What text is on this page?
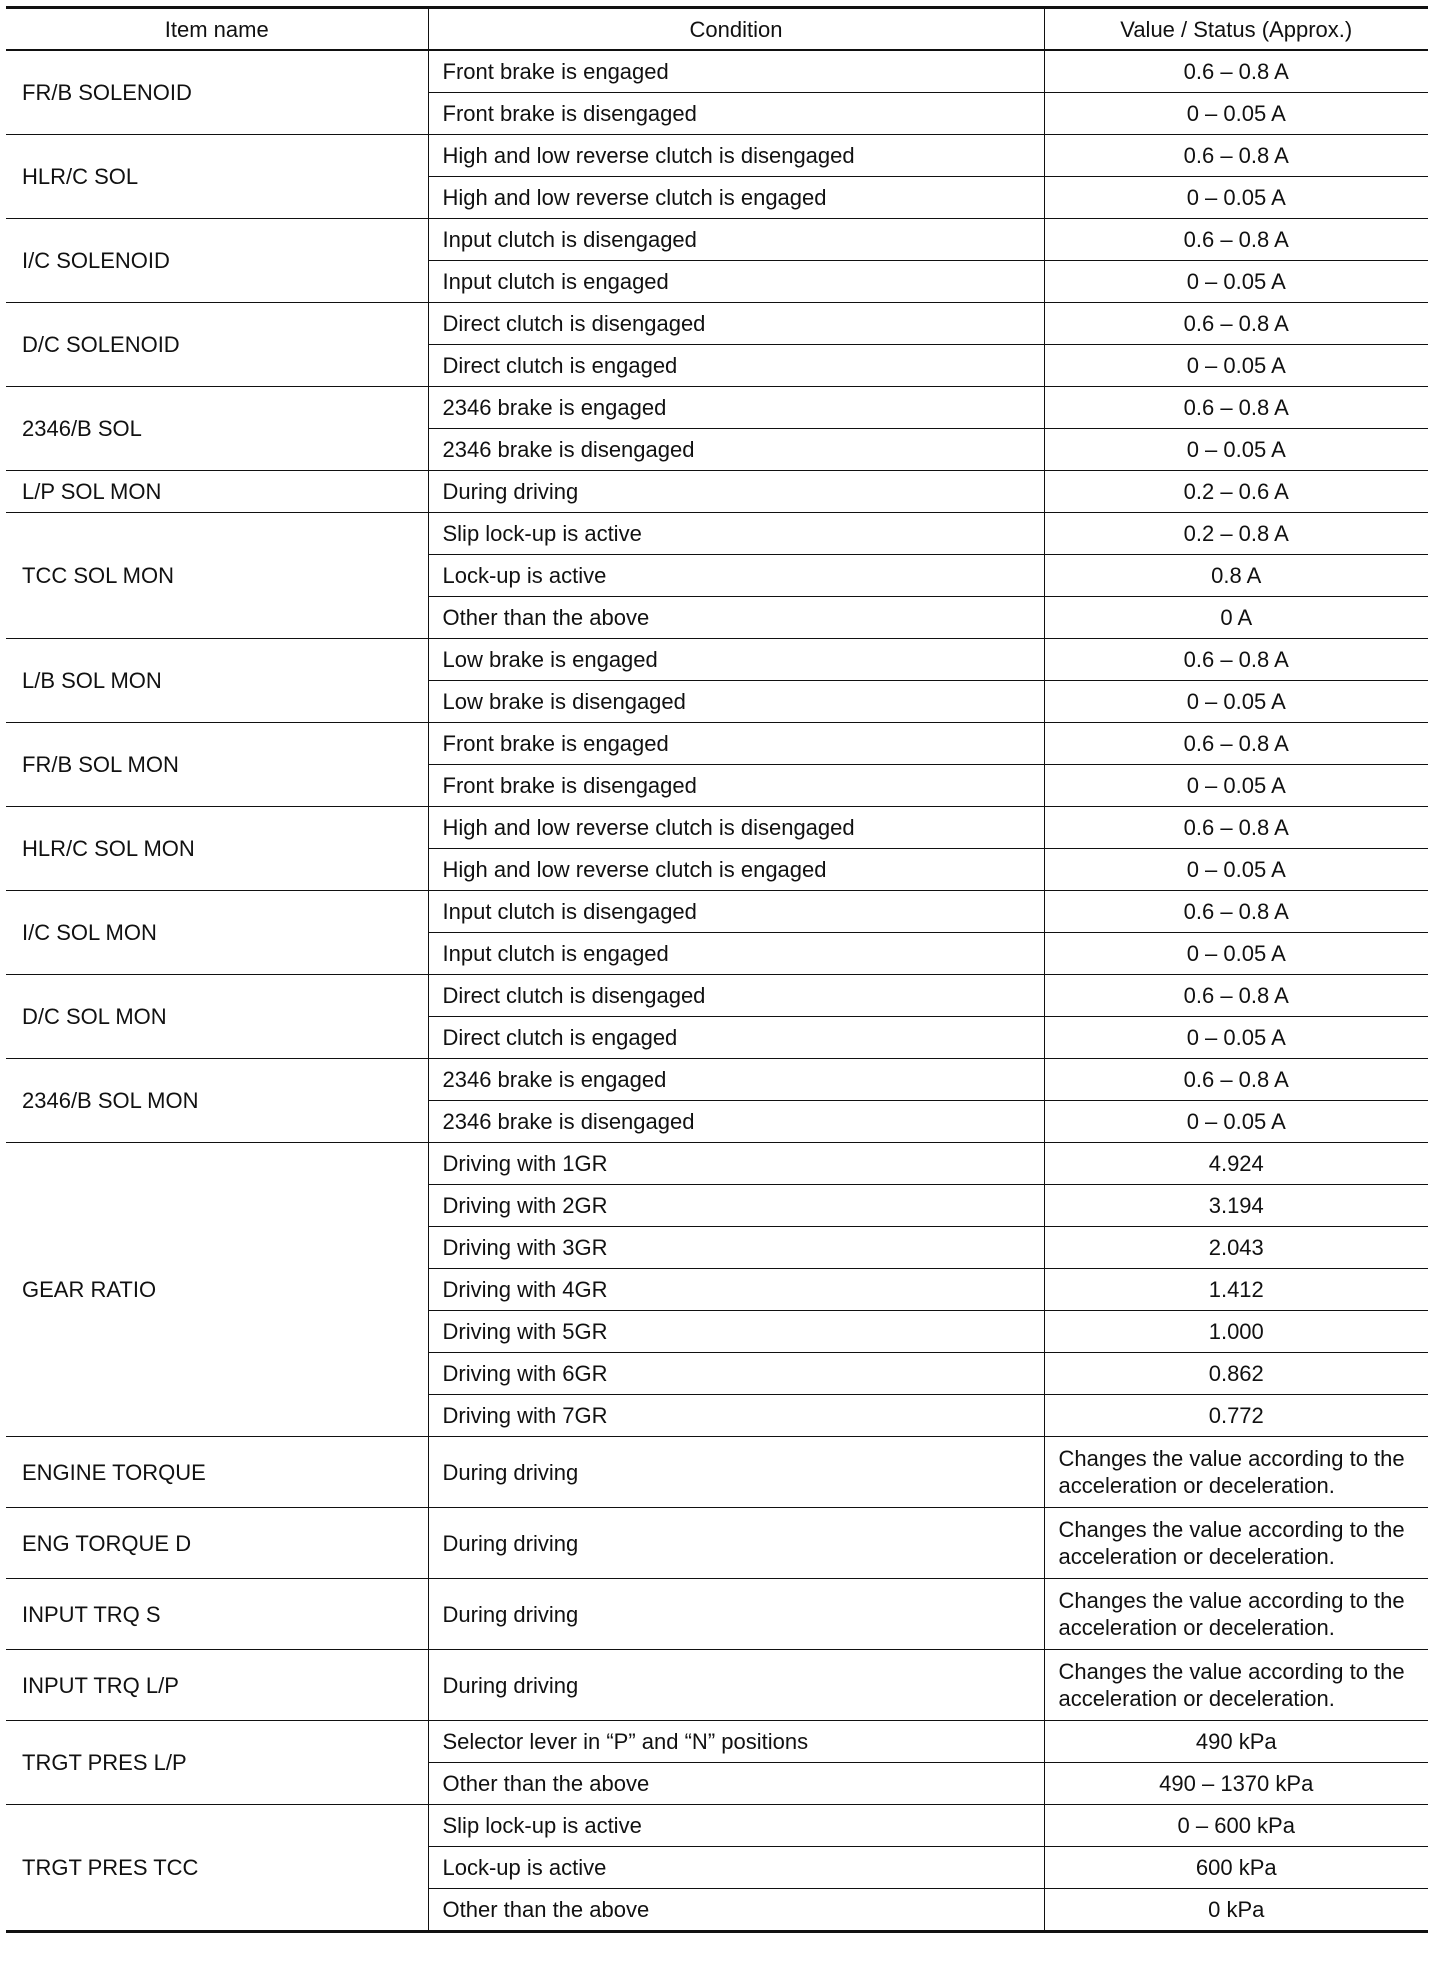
Item name	Condition	Value / Status (Approx.)
FR/B SOLENOID	Front brake is engaged	0.6 – 0.8 A
	Front brake is disengaged	0 – 0.05 A
HLR/C SOL	High and low reverse clutch is disengaged	0.6 – 0.8 A
	High and low reverse clutch is engaged	0 – 0.05 A
I/C SOLENOID	Input clutch is disengaged	0.6 – 0.8 A
	Input clutch is engaged	0 – 0.05 A
D/C SOLENOID	Direct clutch is disengaged	0.6 – 0.8 A
	Direct clutch is engaged	0 – 0.05 A
2346/B SOL	2346 brake is engaged	0.6 – 0.8 A
	2346 brake is disengaged	0 – 0.05 A
L/P SOL MON	During driving	0.2 – 0.6 A
TCC SOL MON	Slip lock-up is active	0.2 – 0.8 A
	Lock-up is active	0.8 A
	Other than the above	0 A
L/B SOL MON	Low brake is engaged	0.6 – 0.8 A
	Low brake is disengaged	0 – 0.05 A
FR/B SOL MON	Front brake is engaged	0.6 – 0.8 A
	Front brake is disengaged	0 – 0.05 A
HLR/C SOL MON	High and low reverse clutch is disengaged	0.6 – 0.8 A
	High and low reverse clutch is engaged	0 – 0.05 A
I/C SOL MON	Input clutch is disengaged	0.6 – 0.8 A
	Input clutch is engaged	0 – 0.05 A
D/C SOL MON	Direct clutch is disengaged	0.6 – 0.8 A
	Direct clutch is engaged	0 – 0.05 A
2346/B SOL MON	2346 brake is engaged	0.6 – 0.8 A
	2346 brake is disengaged	0 – 0.05 A
GEAR RATIO	Driving with 1GR	4.924
	Driving with 2GR	3.194
	Driving with 3GR	2.043
	Driving with 4GR	1.412
	Driving with 5GR	1.000
	Driving with 6GR	0.862
	Driving with 7GR	0.772
ENGINE TORQUE	During driving	Changes the value according to the acceleration or deceleration.
ENG TORQUE D	During driving	Changes the value according to the acceleration or deceleration.
INPUT TRQ S	During driving	Changes the value according to the acceleration or deceleration.
INPUT TRQ L/P	During driving	Changes the value according to the acceleration or deceleration.
TRGT PRES L/P	Selector lever in “P” and “N” positions	490 kPa
	Other than the above	490 – 1370 kPa
TRGT PRES TCC	Slip lock-up is active	0 – 600 kPa
	Lock-up is active	600 kPa
	Other than the above	0 kPa
